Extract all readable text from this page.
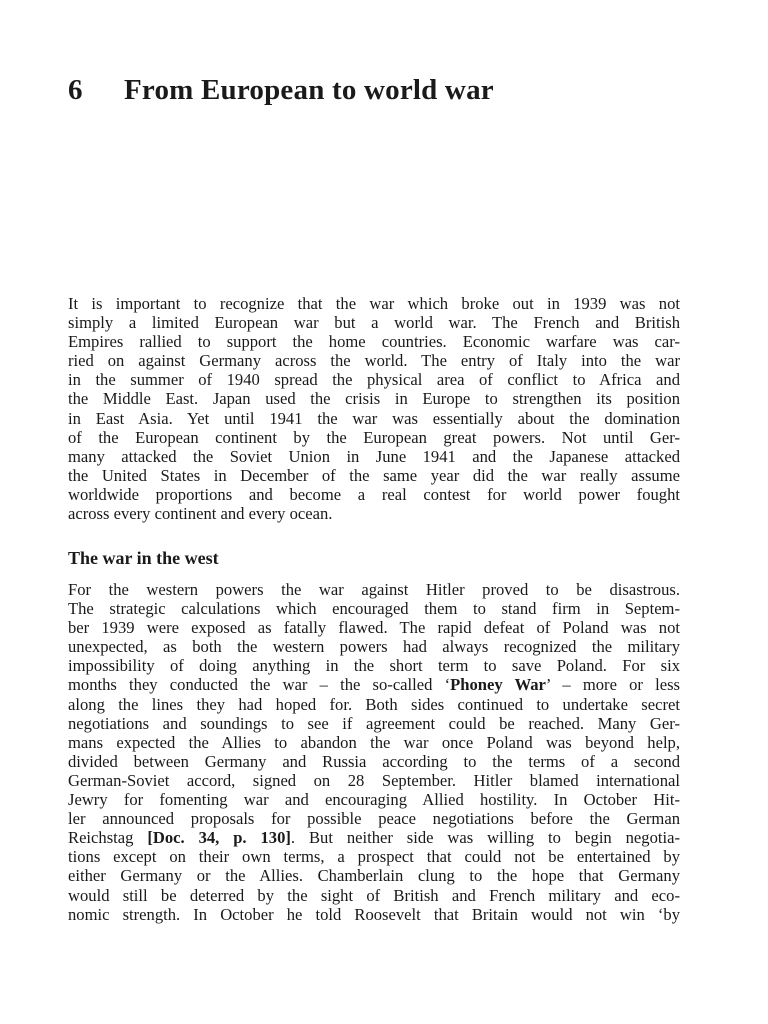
6 From European to world war
It is important to recognize that the war which broke out in 1939 was not
simply a limited European war but a world war. The French and British
Empires rallied to support the home countries. Economic warfare was car-
ried on against Germany across the world. The entry of Italy into the war
in the summer of 1940 spread the physical area of conflict to Africa and
the Middle East. Japan used the crisis in Europe to strengthen its position
in East Asia. Yet until 1941 the war was essentially about the domination
of the European continent by the European great powers. Not until Ger-
many attacked the Soviet Union in June 1941 and the Japanese attacked
the United States in December of the same year did the war really assume
worldwide proportions and become a real contest for world power fought
across every continent and every ocean.
The war in the west
For the western powers the war against Hitler proved to be disastrous.
The strategic calculations which encouraged them to stand firm in Septem-
ber 1939 were exposed as fatally flawed. The rapid defeat of Poland was not
unexpected, as both the western powers had always recognized the military
impossibility of doing anything in the short term to save Poland. For six
months they conducted the war – the so-called ‘Phoney War’ – more or less
along the lines they had hoped for. Both sides continued to undertake secret
negotiations and soundings to see if agreement could be reached. Many Ger-
mans expected the Allies to abandon the war once Poland was beyond help,
divided between Germany and Russia according to the terms of a second
German-Soviet accord, signed on 28 September. Hitler blamed international
Jewry for fomenting war and encouraging Allied hostility. In October Hit-
ler announced proposals for possible peace negotiations before the German
Reichstag [Doc. 34, p. 130]. But neither side was willing to begin negotia-
tions except on their own terms, a prospect that could not be entertained by
either Germany or the Allies. Chamberlain clung to the hope that Germany
would still be deterred by the sight of British and French military and eco-
nomic strength. In October he told Roosevelt that Britain would not win ‘by
